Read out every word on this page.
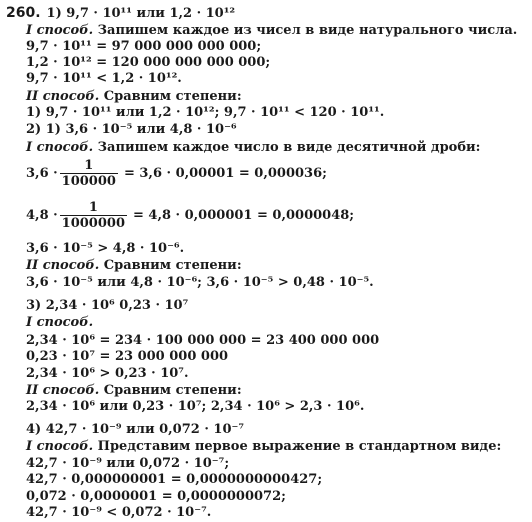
260. 1) 9,7 · 10¹¹ или 1,2 · 10¹²
I способ. Запишем каждое из чисел в виде натурального числа.
9,7 · 10¹¹ = 97 000 000 000 000;
1,2 · 10¹² = 120 000 000 000 000;
9,7 · 10¹¹ < 1,2 · 10¹².
II способ. Сравним степени:
1) 9,7 · 10¹¹ или 1,2 · 10¹²; 9,7 · 10¹¹ < 120 · 10¹¹.
2) 1) 3,6 · 10⁻⁵ или 4,8 · 10⁻⁶
I способ. Запишем каждое число в виде десятичной дроби:
$3,6 \cdot \frac{1}{100000} = 3,6 \cdot 0,00001 = 0,000036$;
$4,8 \cdot \frac{1}{1000000} = 4,8 \cdot 0,000001 = 0,0000048$;
3,6 · 10⁻⁵ > 4,8 · 10⁻⁶.
II способ. Сравним степени:
3,6 · 10⁻⁵ или 4,8 · 10⁻⁶; 3,6 · 10⁻⁵ > 0,48 · 10⁻⁵.
3) 2,34 · 10⁶ 0,23 · 10⁷
I способ.
2,34 · 10⁶ = 234 · 100 000 000 = 23 400 000 000
0,23 · 10⁷ = 23 000 000 000
2,34 · 10⁶ > 0,23 · 10⁷.
II способ. Сравним степени:
2,34 · 10⁶ или 0,23 · 10⁷; 2,34 · 10⁶ > 2,3 · 10⁶.
4) 42,7 · 10⁻⁹ или 0,072 · 10⁻⁷
I способ. Представим первое выражение в стандартном виде:
42,7 · 10⁻⁹ или 0,072 · 10⁻⁷;
42,7 · 0,000000001 = 0,0000000000427;
0,072 · 0,0000001 = 0,0000000072;
42,7 · 10⁻⁹ < 0,072 · 10⁻⁷.
